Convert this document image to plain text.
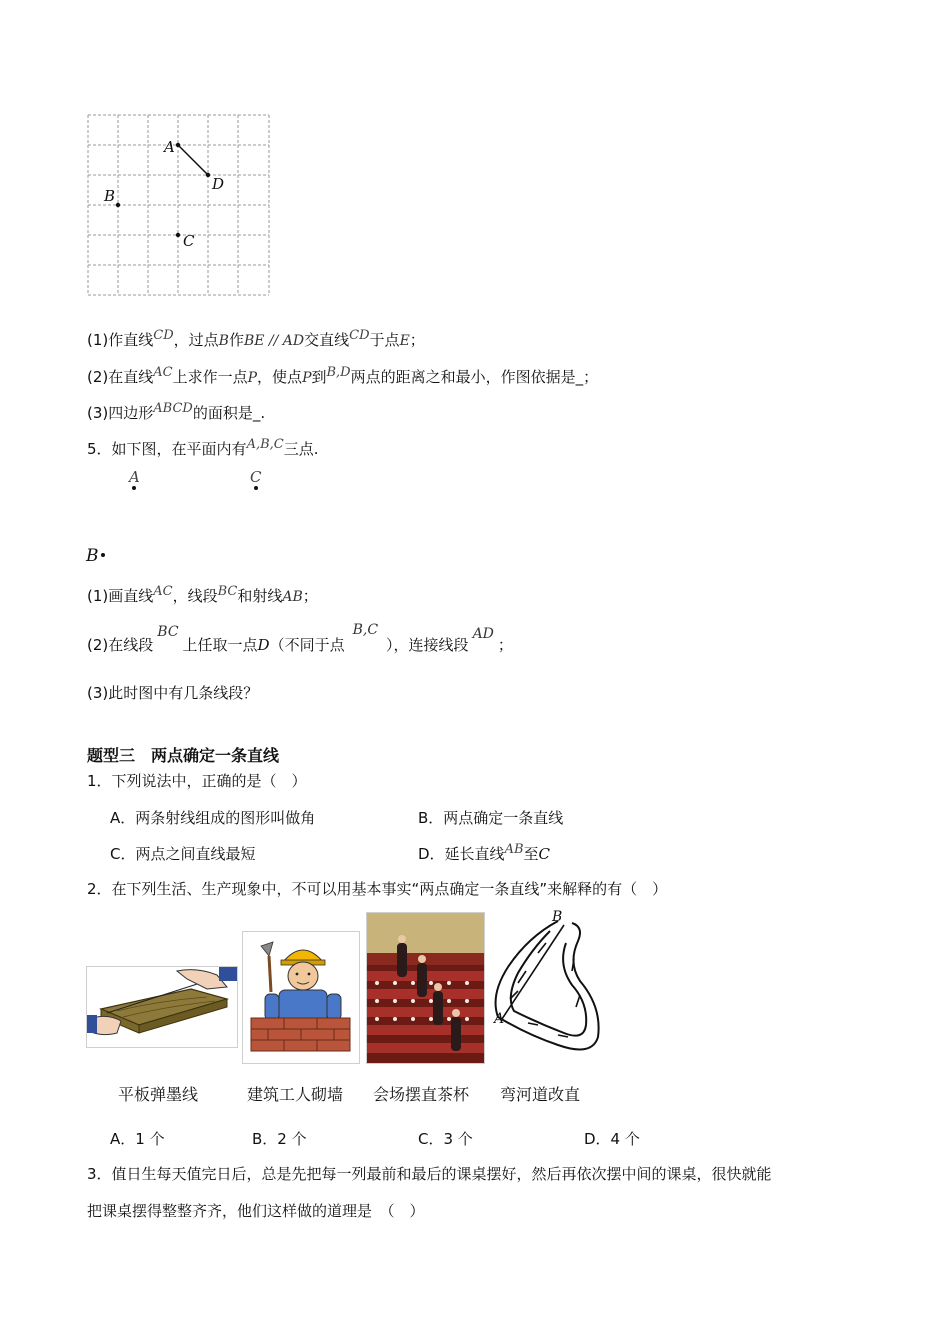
A
D
B
C
(1)作直线CD，过点B作BE // AD交直线CD于点E；
(2)在直线AC上求作一点P，使点P到B,D两点的距离之和最小，作图依据是_；
(3)四边形ABCD的面积是_.
5．如下图，在平面内有A,B,C三点.
A	C
B
(1)画直线AC，线段BC和射线AB；
(2)在线段BC上任取一点D（不同于点B,C），连接线段AD；
(3)此时图中有几条线段？
题型三　两点确定一条直线
1．下列说法中，正确的是（　）
A．两条射线组成的图形叫做角	B．两点确定一条直线
C．两点之间直线最短	D．延长直线AB至C
2．在下列生活、生产现象中，不可以用基本事实“两点确定一条直线”来解释的有（　）
B
A
平板弹墨线	建筑工人砌墙 会场摆直茶杯 弯河道改直
A．1 个	B．2 个	C．3 个	D．4 个
3．值日生每天值完日后，总是先把每一列最前和最后的课桌摆好，然后再依次摆中间的课桌，很快就能
把课桌摆得整整齐齐，他们这样做的道理是　（　）
